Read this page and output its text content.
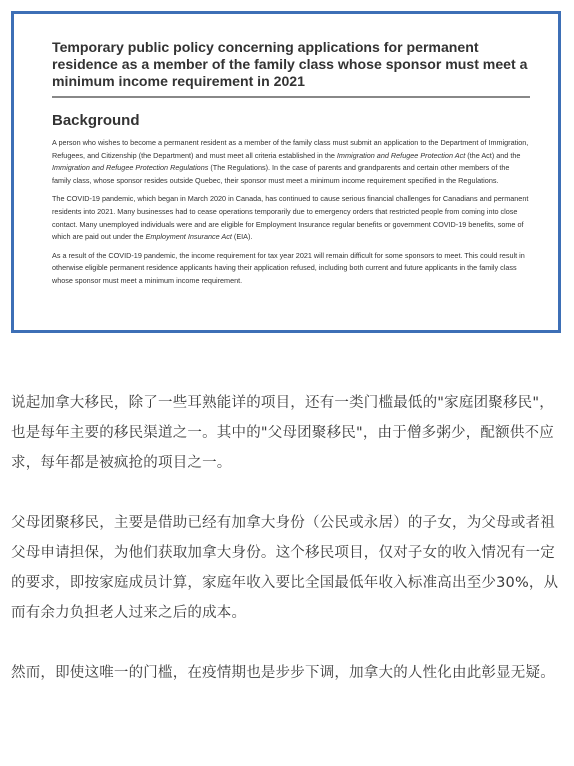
Temporary public policy concerning applications for permanent residence as a member of the family class whose sponsor must meet a minimum income requirement in 2021
Background

A person who wishes to become a permanent resident as a member of the family class must submit an application to the Department of Immigration, Refugees, and Citizenship (the Department) and must meet all criteria established in the Immigration and Refugee Protection Act (the Act) and the Immigration and Refugee Protection Regulations (The Regulations). In the case of parents and grandparents and certain other members of the family class, whose sponsor resides outside Quebec, their sponsor must meet a minimum income requirement specified in the Regulations.

The COVID-19 pandemic, which began in March 2020 in Canada, has continued to cause serious financial challenges for Canadians and permanent residents into 2021. Many businesses had to cease operations temporarily due to emergency orders that restricted people from coming into close contact. Many unemployed individuals were and are eligible for Employment Insurance regular benefits or government COVID-19 benefits, some of which are paid out under the Employment Insurance Act (EIA).

As a result of the COVID-19 pandemic, the income requirement for tax year 2021 will remain difficult for some sponsors to meet. This could result in otherwise eligible permanent residence applicants having their application refused, including both current and future applicants in the family class whose sponsor must meet a minimum income requirement.

说起加拿大移民，除了一些耳熟能详的项目，还有一类门槛最低的"家庭团聚移民"，也是每年主要的移民渠道之一。其中的"父母团聚移民"，由于僧多粥少，配额供不应求，每年都是被疯抢的项目之一。

父母团聚移民，主要是借助已经有加拿大身份（公民或永居）的子女，为父母或者祖父母申请担保，为他们获取加拿大身份。这个移民项目，仅对子女的收入情况有一定的要求，即按家庭成员计算，家庭年收入要比全国最低年收入标准高出至少30%，从而有余力负担老人过来之后的成本。

然而，即使这唯一的门槛，在疫情期也是步步下调，加拿大的人性化由此彰显无疑。
